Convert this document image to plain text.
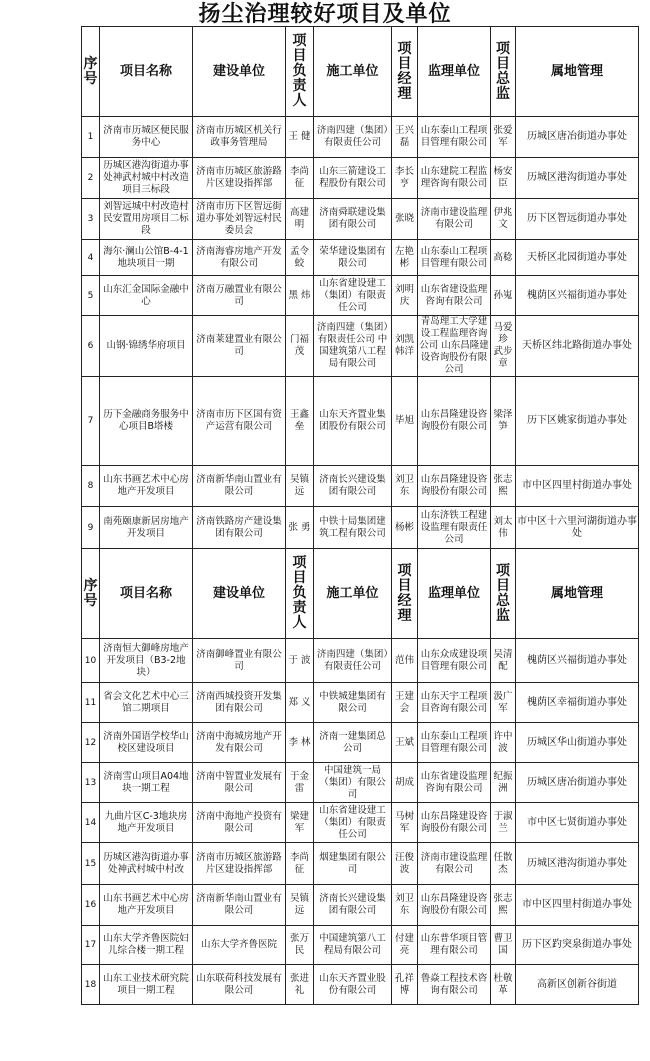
扬尘治理较好项目及单位
序号	项目名称	建设单位	项目负责人	施工单位	项目经理	监理单位	项目总监	属地管理
1	济南市历城区便民服务中心	济南市历城区机关行政事务管理局	王 健	济南四建（集团）有限责任公司	王兴磊	山东泰山工程项目管理有限公司	张爱军	历城区唐冶街道办事处
2	历城区港沟街道办事处神武村城中村改造项目三标段	济南市历城区旅游路片区建设指挥部	李尚征	山东三箭建设工程股份有限公司	李长亨	山东建院工程监理咨询有限公司	杨安臣	历城区港沟街道办事处
3	刘智远城中村改造村民安置用房项目二标段	济南市历下区智远街道办事处刘智远村民委员会	高建明	济南舜联建设集团有限公司	张晓	济南市建设监理有限公司	伊兆文	历下区智远街道办事处
4	海尔·澜山公馆B-4-1地块项目一期	济南海睿房地产开发有限公司	孟令蛟	荣华建设集团有限公司	左艳彬	山东泰山工程项目管理有限公司	高稔	天桥区北园街道办事处
5	山东汇金国际金融中心	济南万融置业有限公司	黑 炜	山东省建设建工（集团）有限责任公司	刘明庆	山东省建设监理咨询有限公司	孙嵬	槐荫区兴福街道办事处
6	山钢·锦绣华府项目	济南莱建置业有限公司	门福茂	济南四建（集团）有限责任公司 中国建筑第八工程局有限公司	刘凯 韩洋	青岛理工大学建设工程监理咨询公司 山东昌隆建设咨询股份有限公司	马爱珍 武步章	天桥区纬北路街道办事处
7	历下金融商务服务中心项目B塔楼	济南市历下区国有资产运营有限公司	王鑫垒	山东天齐置业集团股份有限公司	毕旭	山东昌隆建设咨询股份有限公司	梁泽笋	历下区姚家街道办事处
8	山东书画艺术中心房地产开发项目	济南新华南山置业有限公司	吴镇远	济南长兴建设集团有限公司	刘卫东	山东昌隆建设咨询股份有限公司	张志熙	市中区四里村街道办事处
9	南苑颐康新居房地产开发项目	济南铁路房产建设集团有限公司	张 勇	中铁十局集团建筑工程有限公司	杨彬	山东济铁工程建设监理有限责任公司	刘太伟	市中区十六里河湖街道办事处
序号	项目名称	建设单位	项目负责人	施工单位	项目经理	监理单位	项目总监	属地管理
10	济南恒大御峰房地产开发项目（B3-2地块）	济南御峰置业有限公司	于 波	济南四建（集团）有限责任公司	范伟	山东众成建设项目管理有限公司	吴清配	槐荫区兴福街道办事处
11	省会文化艺术中心三馆二期项目	济南西城投资开发集团有限公司	郑 义	中铁城建集团有限公司	王建会	山东天宇工程项目咨询有限公司	汲广军	槐荫区幸福街道办事处
12	济南外国语学校华山校区建设项目	济南中海城房地产开发有限公司	李 林	济南一建集团总公司	王斌	山东泰山工程项目管理有限公司	许中波	历城区华山街道办事处
13	济南雪山项目A04地块一期工程	济南中智置业发展有限公司	于金雷	中国建筑一局（集团）有限公司	胡成	山东省建设监理咨询有限公司	纪振洲	历城区唐冶街道办事处
14	九曲片区C-3地块房地产开发项目	济南中海地产投资有限公司	梁建军	山东省建设建工（集团）有限责任公司	马树军	山东昌隆建设咨询股份有限公司	于淑兰	市中区七贤街道办事处
15	历城区港沟街道办事处神武村城中村改	济南市历城区旅游路片区建设指挥部	李尚征	烟建集团有限公司	汪俊波	济南市建设监理有限公司	任散杰	历城区港沟街道办事处
16	山东书画艺术中心房地产开发项目	济南新华南山置业有限公司	吴镇远	济南长兴建设集团有限公司	刘卫东	山东昌隆建设咨询股份有限公司	张志熙	市中区四里村街道办事处
17	山东大学齐鲁医院妇儿综合楼一期工程	山东大学齐鲁医院	张万民	中国建筑第八工程局有限公司	付建亮	山东普华项目管理有限公司	曹卫国	历下区趵突泉街道办事处
18	山东工业技术研究院项目一期工程	山东联荷科技发展有限公司	张进礼	山东天齐置业股份有限公司	孔祥博	鲁焱工程技术咨询有限公司	杜敬革	高新区创新谷街道
